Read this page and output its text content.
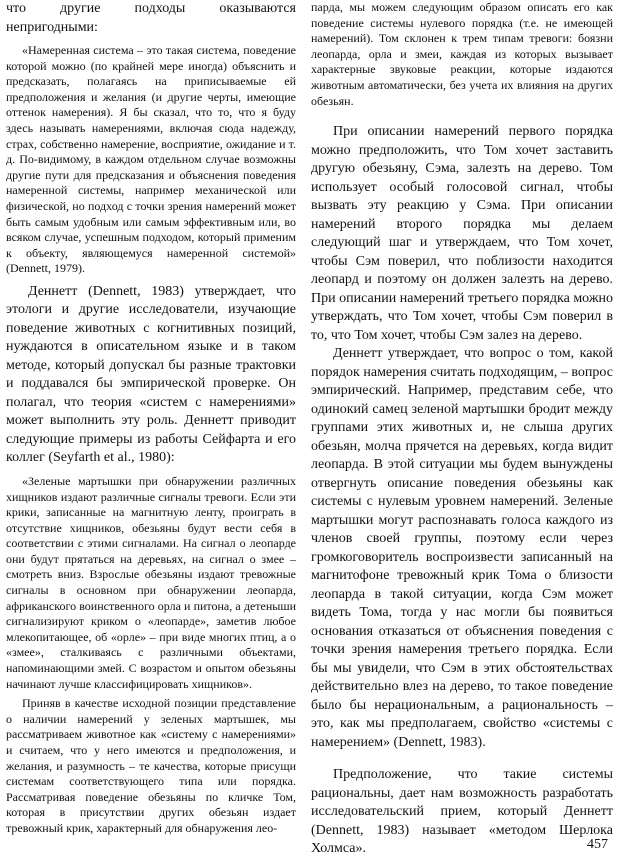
что другие подходы оказываются непригодными:

«Намеренная система – это такая система, поведение которой можно (по крайней мере иногда) объяснить и предсказать, полагаясь на приписываемые ей предположения и желания (и другие черты, имеющие оттенок намерения). Я бы сказал, что то, что я буду здесь называть намерениями, включая сюда надежду, страх, собственно намерение, восприятие, ожидание и т. д. По-видимому, в каждом отдельном случае возможны другие пути для предсказания и объяснения поведения намеренной системы, например механической или физической, но подход с точки зрения намерений может быть самым удобным или самым эффективным или, во всяком случае, успешным подходом, который применим к объекту, являющемуся намеренной системой» (Dennett, 1979).

Деннетт (Dennett, 1983) утверждает, что этологи и другие исследователи, изучающие поведение животных с когнитивных позиций, нуждаются в описательном языке и в таком методе, который допускал бы разные трактовки и поддавался бы эмпирической проверке. Он полагал, что теория «систем с намерениями» может выполнить эту роль. Деннетт приводит следующие примеры из работы Сейфарта и его коллег (Seyfarth et al., 1980):

«Зеленые мартышки при обнаружении различных хищников издают различные сигналы тревоги. Если эти крики, записанные на магнитную ленту, проиграть в отсутствие хищников, обезьяны будут вести себя в соответствии с этими сигналами. На сигнал о леопарде они будут прятаться на деревьях, на сигнал о змее – смотреть вниз. Взрослые обезьяны издают тревожные сигналы в основном при обнаружении леопарда, африканского воинственного орла и питона, а детеныши сигнализируют криком о «леопарде», заметив любое млекопитающее, об «орле» – при виде многих птиц, а о «змее», сталкиваясь с различными объектами, напоминающими змей. С возрастом и опытом обезьяны начинают лучше классифицировать хищников».

Приняв в качестве исходной позиции представление о наличии намерений у зеленых мартышек, мы рассматриваем животное как «систему с намерениями» и считаем, что у него имеются и предположения, и желания, и разумность – те качества, которые присущи системам соответствующего типа или порядка. Рассматривая поведение обезьяны по кличке Том, которая в присутствии других обезьян издает тревожный крик, характерный для обнаружения лео-

парда, мы можем следующим образом описать его как поведение системы нулевого порядка (т.е. не имеющей намерений). Том склонен к трем типам тревоги: боязни леопарда, орла и змеи, каждая из которых вызывает характерные звуковые реакции, которые издаются животным автоматически, без учета их влияния на других обезьян.

При описании намерений первого порядка можно предположить, что Том хочет заставить другую обезьяну, Сэма, залезть на дерево. Том использует особый голосовой сигнал, чтобы вызвать эту реакцию у Сэма. При описании намерений второго порядка мы делаем следующий шаг и утверждаем, что Том хочет, чтобы Сэм поверил, что поблизости находится леопард и поэтому он должен залезть на дерево. При описании намерений третьего порядка можно утверждать, что Том хочет, чтобы Сэм поверил в то, что Том хочет, чтобы Сэм залез на дерево.

Деннетт утверждает, что вопрос о том, какой порядок намерения считать подходящим, – вопрос эмпирический. Например, представим себе, что одинокий самец зеленой мартышки бродит между группами этих животных и, не слыша других обезьян, молча прячется на деревьях, когда видит леопарда. В этой ситуации мы будем вынуждены отвергнуть описание поведения обезьяны как системы с нулевым уровнем намерений. Зеленые мартышки могут распознавать голоса каждого из членов своей группы, поэтому если через громкоговоритель воспроизвести записанный на магнитофоне тревожный крик Тома о близости леопарда в такой ситуации, когда Сэм может видеть Тома, тогда у нас могли бы появиться основания отказаться от объяснения поведения с точки зрения намерения третьего порядка. Если бы мы увидели, что Сэм в этих обстоятельствах действительно влез на дерево, то такое поведение было бы нерациональным, а рациональность – это, как мы предполагаем, свойство «системы с намерением» (Dennett, 1983).

Предположение, что такие системы рациональны, дает нам возможность разработать исследовательский прием, который Деннетт (Dennett, 1983) называет «методом Шерлока Холмса».	457
